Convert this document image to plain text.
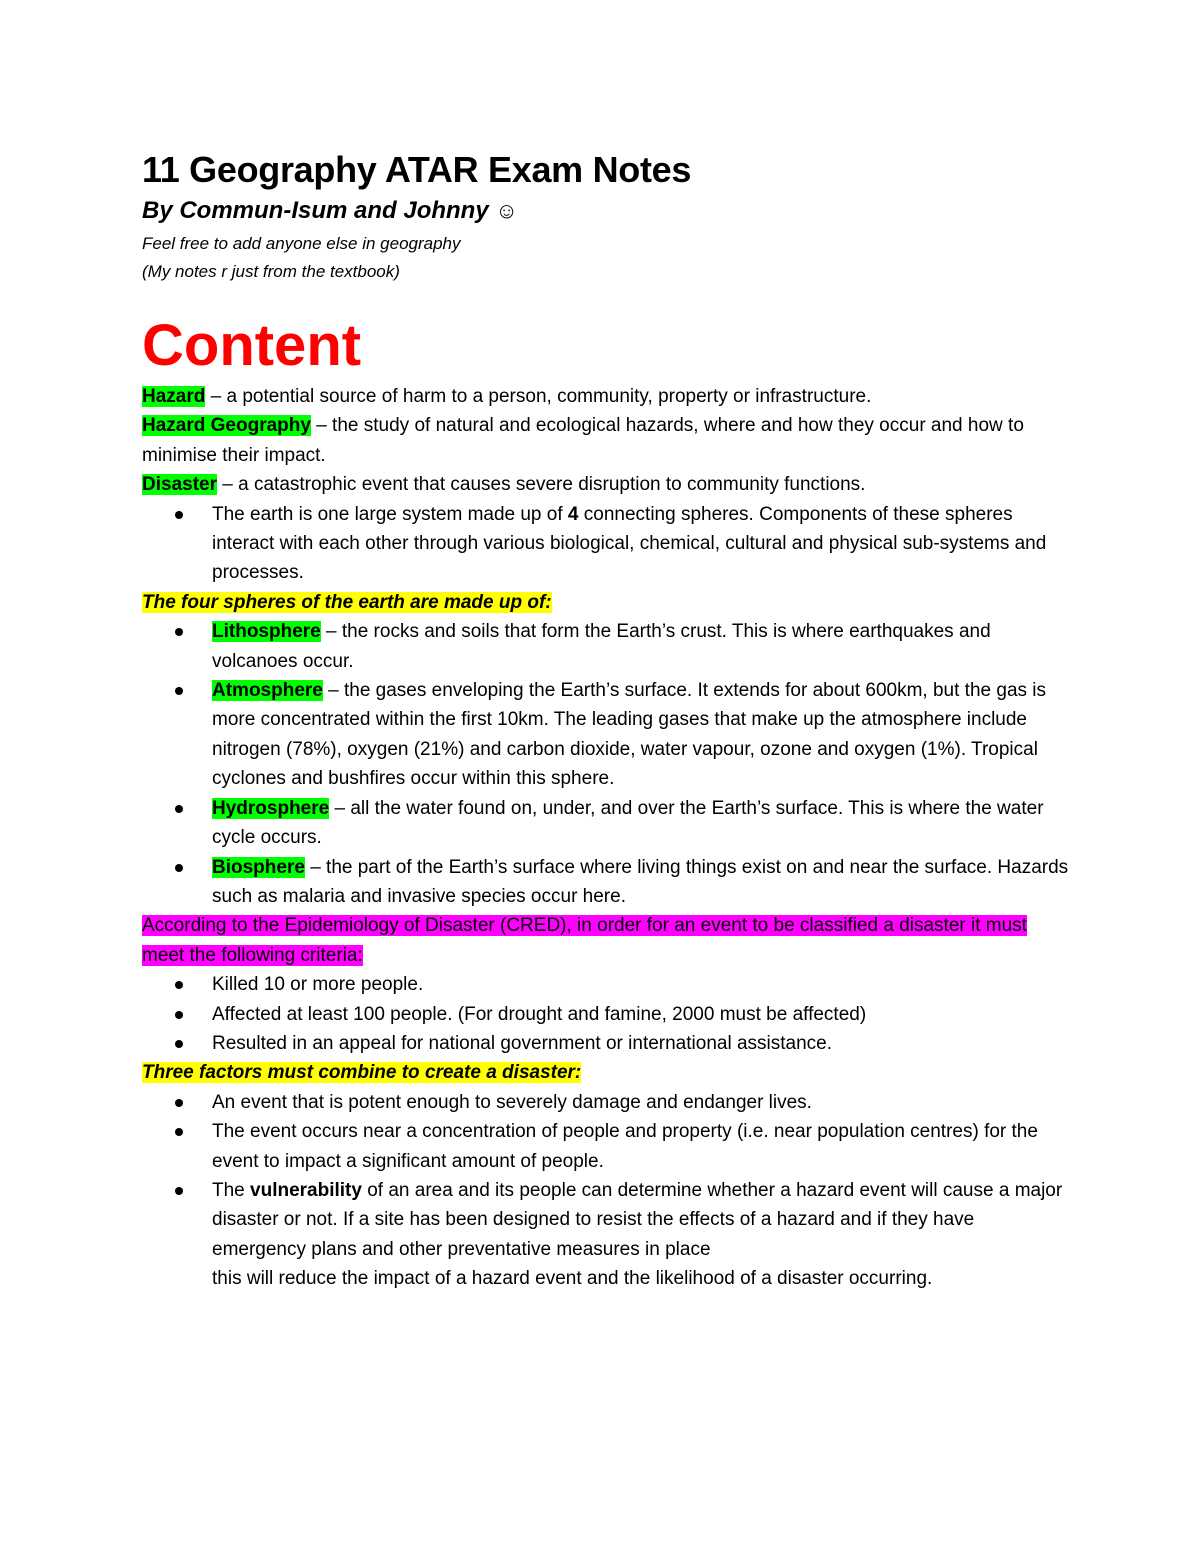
11 Geography ATAR Exam Notes
By Commun-Isum and Johnny ☺

Feel free to add anyone else in geography

(My notes r just from the textbook)

Content

Hazard – a potential source of harm to a person, community, property or infrastructure.

Hazard Geography – the study of natural and ecological hazards, where and how they occur and how to minimise their impact.

Disaster – a catastrophic event that causes severe disruption to community functions.

The earth is one large system made up of 4 connecting spheres. Components of these spheres interact with each other through various biological, chemical, cultural and physical sub-systems and processes.

The four spheres of the earth are made up of:

Lithosphere – the rocks and soils that form the Earth’s crust. This is where earthquakes and volcanoes occur.
Atmosphere – the gases enveloping the Earth’s surface. It extends for about 600km, but the gas is more concentrated within the first 10km. The leading gases that make up the atmosphere include nitrogen (78%), oxygen (21%) and carbon dioxide, water vapour, ozone and oxygen (1%). Tropical cyclones and bushfires occur within this sphere.
Hydrosphere – all the water found on, under, and over the Earth’s surface. This is where the water cycle occurs.
Biosphere – the part of the Earth’s surface where living things exist on and near the surface. Hazards such as malaria and invasive species occur here.

According to the Epidemiology of Disaster (CRED), in order for an event to be classified a disaster it must meet the following criteria:

Killed 10 or more people.
Affected at least 100 people. (For drought and famine, 2000 must be affected)
Resulted in an appeal for national government or international assistance.

Three factors must combine to create a disaster:

An event that is potent enough to severely damage and endanger lives.
The event occurs near a concentration of people and property (i.e. near population centres) for the event to impact a significant amount of people.
The vulnerability of an area and its people can determine whether a hazard event will cause a major disaster or not. If a site has been designed to resist the effects of a hazard and if they have emergency plans and other preventative measures in place
this will reduce the impact of a hazard event and the likelihood of a disaster occurring.
